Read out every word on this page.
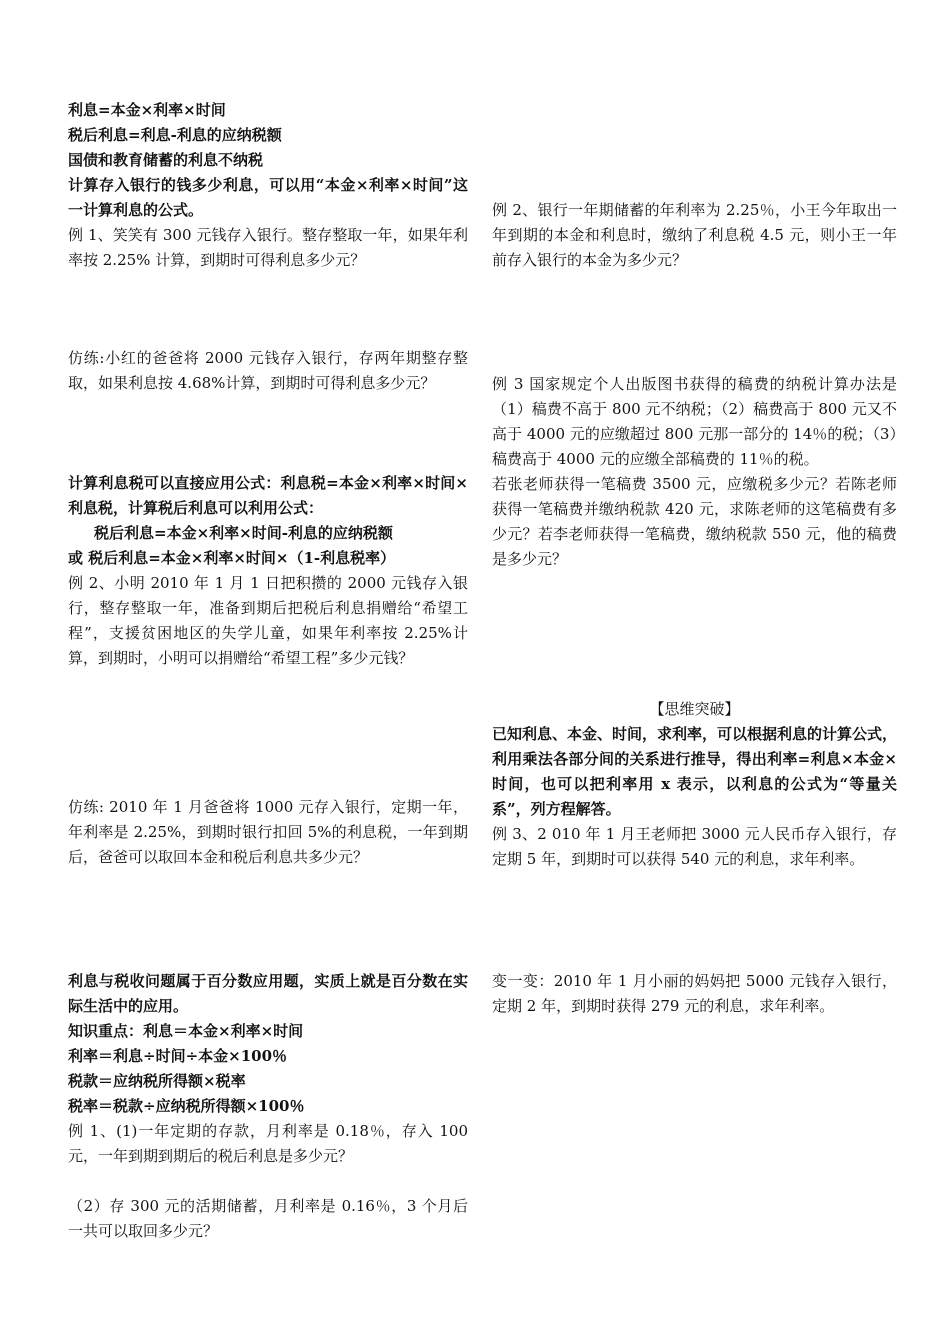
利息=本金×利率×时间

税后利息=利息-利息的应纳税额

国债和教育储蓄的利息不纳税

计算存入银行的钱多少利息，可以用“本金×利率×时间”这一计算利息的公式。

例 1、笑笑有 300 元钱存入银行。整存整取一年，如果年利率按 2.25% 计算，到期时可得利息多少元？

仿练:小红的爸爸将 2000 元钱存入银行，存两年期整存整取，如果利息按 4.68%计算，到期时可得利息多少元？

计算利息税可以直接应用公式：利息税=本金×利率×时间×利息税，计算税后利息可以利用公式：

税后利息=本金×利率×时间-利息的应纳税额

或 税后利息=本金×利率×时间×（1-利息税率）

例 2、小明 2010 年 1 月 1 日把积攒的 2000 元钱存入银行，整存整取一年，准备到期后把税后利息捐赠给“希望工程”，支援贫困地区的失学儿童，如果年利率按 2.25%计算，到期时，小明可以捐赠给“希望工程”多少元钱？

仿练: 2010 年 1 月爸爸将 1000 元存入银行，定期一年，年利率是 2.25%，到期时银行扣回 5%的利息税，一年到期后，爸爸可以取回本金和税后利息共多少元？

利息与税收问题属于百分数应用题，实质上就是百分数在实际生活中的应用。

知识重点：利息＝本金×利率×时间

利率＝利息÷时间÷本金×100％

税款＝应纳税所得额×税率

税率＝税款÷应纳税所得额×100％

例 1、(1)一年定期的存款，月利率是 0.18％，存入 100 元，一年到期到期后的税后利息是多少元？

（2）存 300 元的活期储蓄，月利率是 0.16％，3 个月后一共可以取回多少元？

例 2、银行一年期储蓄的年利率为 2.25％，小王今年取出一年到期的本金和利息时，缴纳了利息税 4.5 元，则小王一年前存入银行的本金为多少元？

例 3 国家规定个人出版图书获得的稿费的纳税计算办法是（1）稿费不高于 800 元不纳税；（2）稿费高于 800 元又不高于 4000 元的应缴超过 800 元那一部分的 14％的税；（3）稿费高于 4000 元的应缴全部稿费的 11％的税。

若张老师获得一笔稿费 3500 元，应缴税多少元？若陈老师获得一笔稿费并缴纳税款 420 元，求陈老师的这笔稿费有多少元？若李老师获得一笔稿费，缴纳税款 550 元，他的稿费是多少元？

【思维突破】

已知利息、本金、时间，求利率，可以根据利息的计算公式，利用乘法各部分间的关系进行推导，得出利率=利息×本金×时间，也可以把利率用 x 表示，以利息的公式为“等量关系”，列方程解答。

例 3、2 010 年 1 月王老师把 3000 元人民币存入银行，存定期 5 年，到期时可以获得 540 元的利息，求年利率。

变一变：2010 年 1 月小丽的妈妈把 5000 元钱存入银行，定期 2 年，到期时获得 279 元的利息，求年利率。
